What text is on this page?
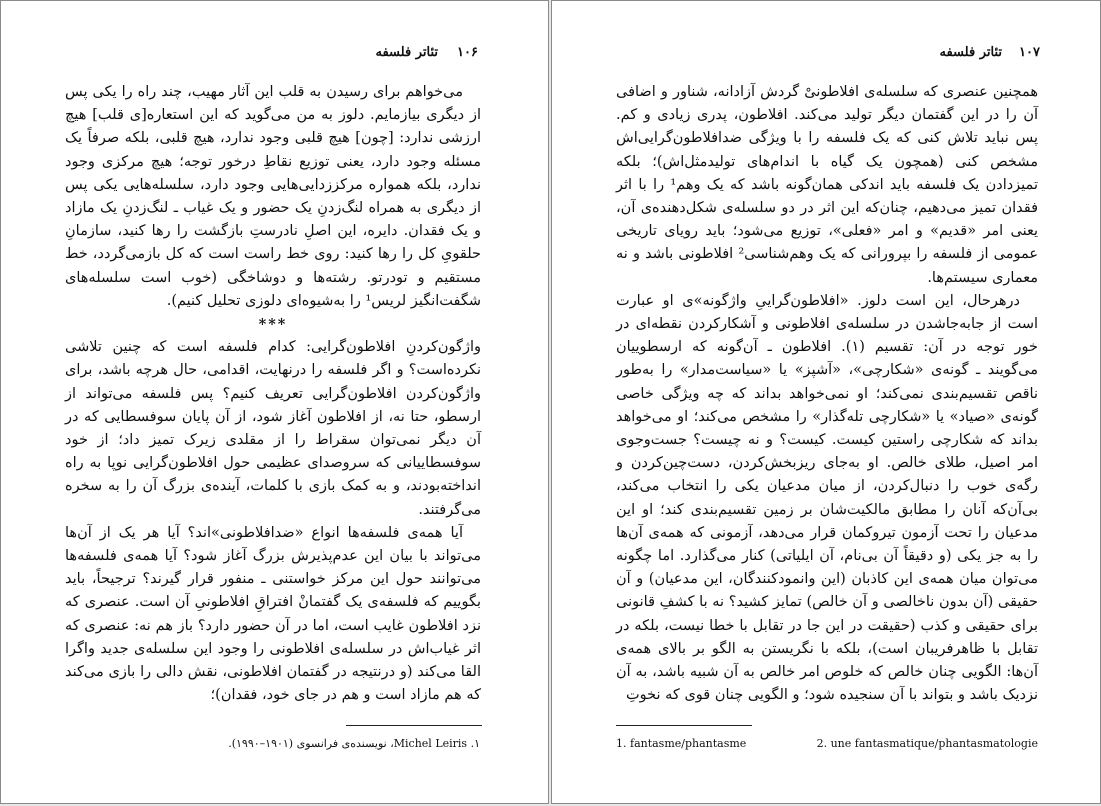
۱۰۶
تئاتر فلسفه

می‌خواهم برای رسیدن به قلب این آثار مهیب، چند راه را یکی پس از دیگری بیازمایم. دلوز به من می‌گوید که این استعاره[ی قلب] هیچ ارزشی ندارد: [چون] هیچ قلبی وجود ندارد، هیچ قلبی، بلکه صرفاً یک مسئله وجود دارد، یعنی توزیع نقاطِ درخور توجه؛ هیچ مرکزی وجود ندارد، بلکه همواره مرکززدایی‌هایی وجود دارد، سلسله‌هایی یکی پس از دیگری به همراه لنگ‌زدنِ یک حضور و یک غیاب ـ لنگ‌زدنِ یک مازاد و یک فقدان. دایره، این اصلِ نادرستِ بازگشت را رها کنید، سازمانِ حلقویِ کل را رها کنید: روی خط راست است که کل بازمی‌گردد، خط مستقیم و تودرتو. رشته‌ها و دوشاخگی (خوب است سلسله‌های شگفت‌انگیز لریس¹ را به‌شیوه‌ای دلوزی تحلیل کنیم).

***

واژگون‌کردنِ افلاطون‌گرایی: کدام فلسفه است که چنین تلاشی نکرده‌است؟ و اگر فلسفه را درنهایت، اقدامی، حال هرچه باشد، برای واژگون‌کردن افلاطون‌گرایی تعریف کنیم؟ پس فلسفه می‌تواند از ارسطو، حتا نه، از افلاطون آغاز شود، از آن پایان سوفسطایی که در آن دیگر نمی‌توان سقراط را از مقلدی زیرک تمیز داد؛ از خود سوفسطاییانی که سروصدای عظیمی حول افلاطون‌گرایی نوپا به راه انداخته‌بودند، و به کمک بازی با کلمات، آینده‌ی بزرگ آن را به سخره می‌گرفتند.

آیا همه‌ی فلسفه‌ها انواع «ضدافلاطونی»اند؟ آیا هر یک از آن‌ها می‌تواند با بیان این عدم‌پذیرش بزرگ آغاز شود؟ آیا همه‌ی فلسفه‌ها می‌توانند حول این مرکز خواستنی ـ منفور قرار گیرند؟ ترجیحاً، باید بگوییم که فلسفه‌ی یک گفتمانْ افتراقِ افلاطونیِ آن است. عنصری که نزد افلاطون غایب است، اما در آن حضور دارد؟ باز هم نه: عنصری که اثر غیاب‌اش در سلسله‌ی افلاطونی را وجود این سلسله‌ی جدید واگرا القا می‌کند (و درنتیجه در گفتمان افلاطونی، نقش دالی را بازی می‌کند که هم مازاد است و هم در جای خود، فقدان)؛

۱. Michel Leiris، نویسنده‌ی فرانسوی (۱۹۰۱–۱۹۹۰).
۱۰۷
تئاتر فلسفه

همچنین عنصری که سلسله‌ی افلاطونیْ گردش آزادانه، شناور و اضافی آن را در این گفتمان دیگر تولید می‌کند. افلاطون، پدری زیادی و کم. پس نباید تلاش کنی که یک فلسفه را با ویژگی ضدافلاطون‌گرایی‌اش مشخص کنی (همچون یک گیاه با اندام‌های تولیدمثل‌اش)؛ بلکه تمیزدادن یک فلسفه باید اندکی همان‌گونه باشد که یک وهم¹ را با اثر فقدان تمیز می‌دهیم، چنان‌که این اثر در دو سلسله‌ی شکل‌دهنده‌ی آن، یعنی امر «قدیم» و امر «فعلی»، توزیع می‌شود؛ باید رویای تاریخی عمومی از فلسفه را بپرورانی که یک وهم‌شناسی² افلاطونی باشد و نه معماری سیستم‌ها.

درهرحال، این است دلوز. «افلاطون‌گراییِ واژگونه»ی او عبارت است از جابه‌جاشدن در سلسله‌ی افلاطونی و آشکارکردن نقطه‌ای در خور توجه در آن: تقسیم (۱). افلاطون ـ آن‌گونه که ارسطوییان می‌گویند ـ گونه‌ی «شکارچی»، «آشپز» یا «سیاست‌مدار» را به‌طور ناقص تقسیم‌بندی نمی‌کند؛ او نمی‌خواهد بداند که چه ویژگی خاصی گونه‌ی «صیاد» یا «شکارچی تله‌گذار» را مشخص می‌کند؛ او می‌خواهد بداند که شکارچی راستین کیست. کیست؟ و نه چیست؟ جست‌وجوی امر اصیل، طلای خالص. او به‌جای ریزبخش‌کردن، دست‌چین‌کردن و رگه‌ی خوب را دنبال‌کردن، از میان مدعیان یکی را انتخاب می‌کند، بی‌آن‌که آنان را مطابق مالکیت‌شان بر زمین تقسیم‌بندی کند؛ او این مدعیان را تحت آزمون تیروکمان قرار می‌دهد، آزمونی که همه‌ی آن‌ها را به جز یکی (و دقیقاً آن بی‌نام، آن ایلیاتی) کنار می‌گذارد. اما چگونه می‌توان میان همه‌ی این کاذبان (این وانمودکنندگان، این مدعیان) و آن حقیقی (آن بدون ناخالصی و آن خالص) تمایز کشید؟ نه با کشفِ قانونی برای حقیقی و کذب (حقیقت در این جا در تقابل با خطا نیست، بلکه در تقابل با ظاهرفریبان است)، بلکه با نگریستن به الگو بر بالای همه‌ی آن‌ها: الگویی چنان خالص که خلوص امر خالص به آن شبیه باشد، به آن نزدیک باشد و بتواند با آن سنجیده شود؛ و الگویی چنان قوی که نخوتِ

1. fantasme/phantasme	2. une fantasmatique/phantasmatologie
